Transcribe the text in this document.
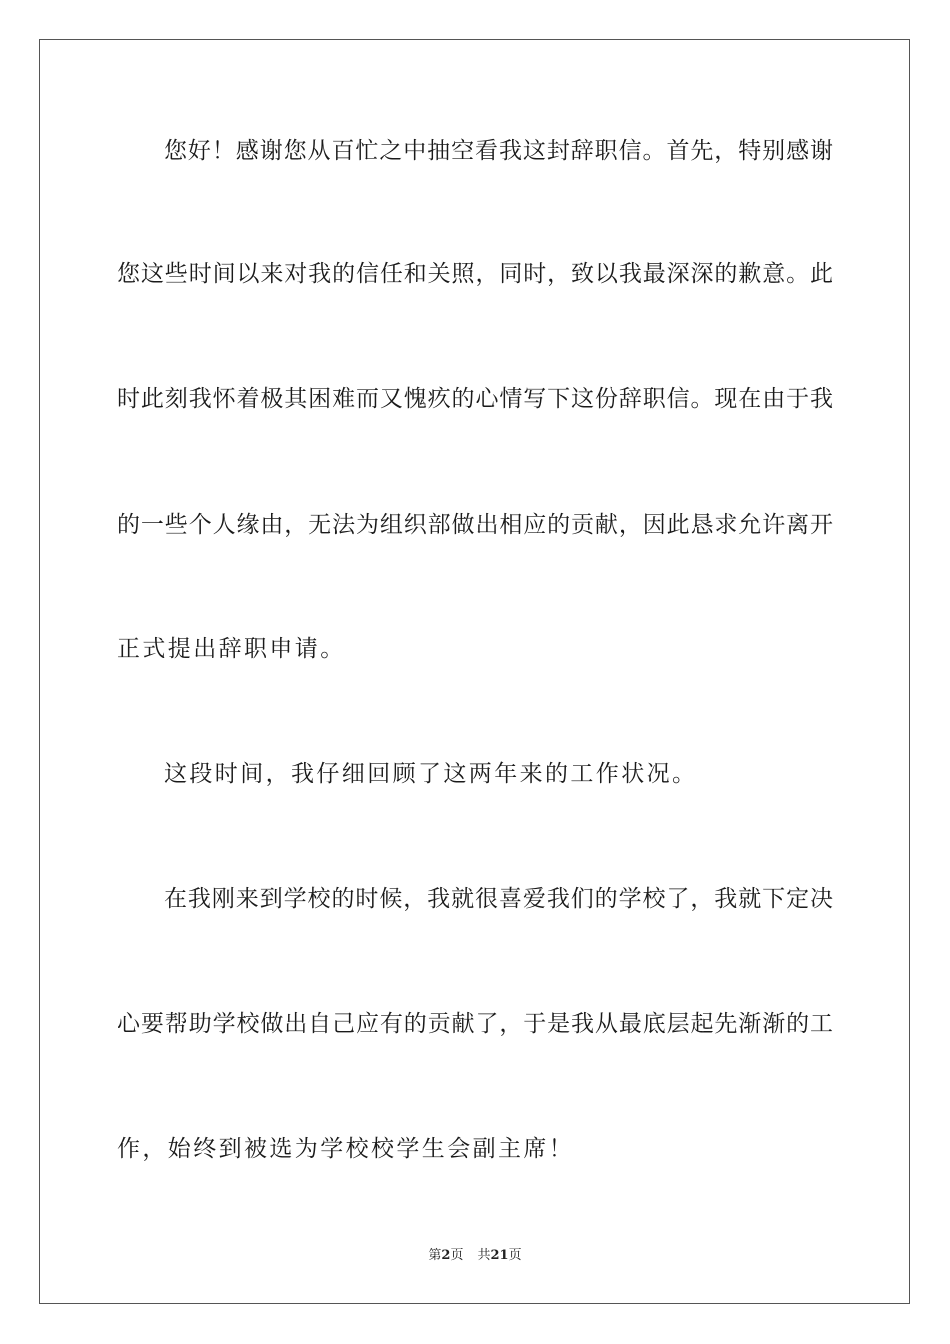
您好！感谢您从百忙之中抽空看我这封辞职信。首先，特别感谢
您这些时间以来对我的信任和关照，同时，致以我最深深的歉意。此
时此刻我怀着极其困难而又愧疚的心情写下这份辞职信。现在由于我
的一些个人缘由，无法为组织部做出相应的贡献，因此恳求允许离开
正式提出辞职申请。
这段时间，我仔细回顾了这两年来的工作状况。
在我刚来到学校的时候，我就很喜爱我们的学校了，我就下定决
心要帮助学校做出自己应有的贡献了，于是我从最底层起先渐渐的工
作，始终到被选为学校校学生会副主席！
第2页 共21页
